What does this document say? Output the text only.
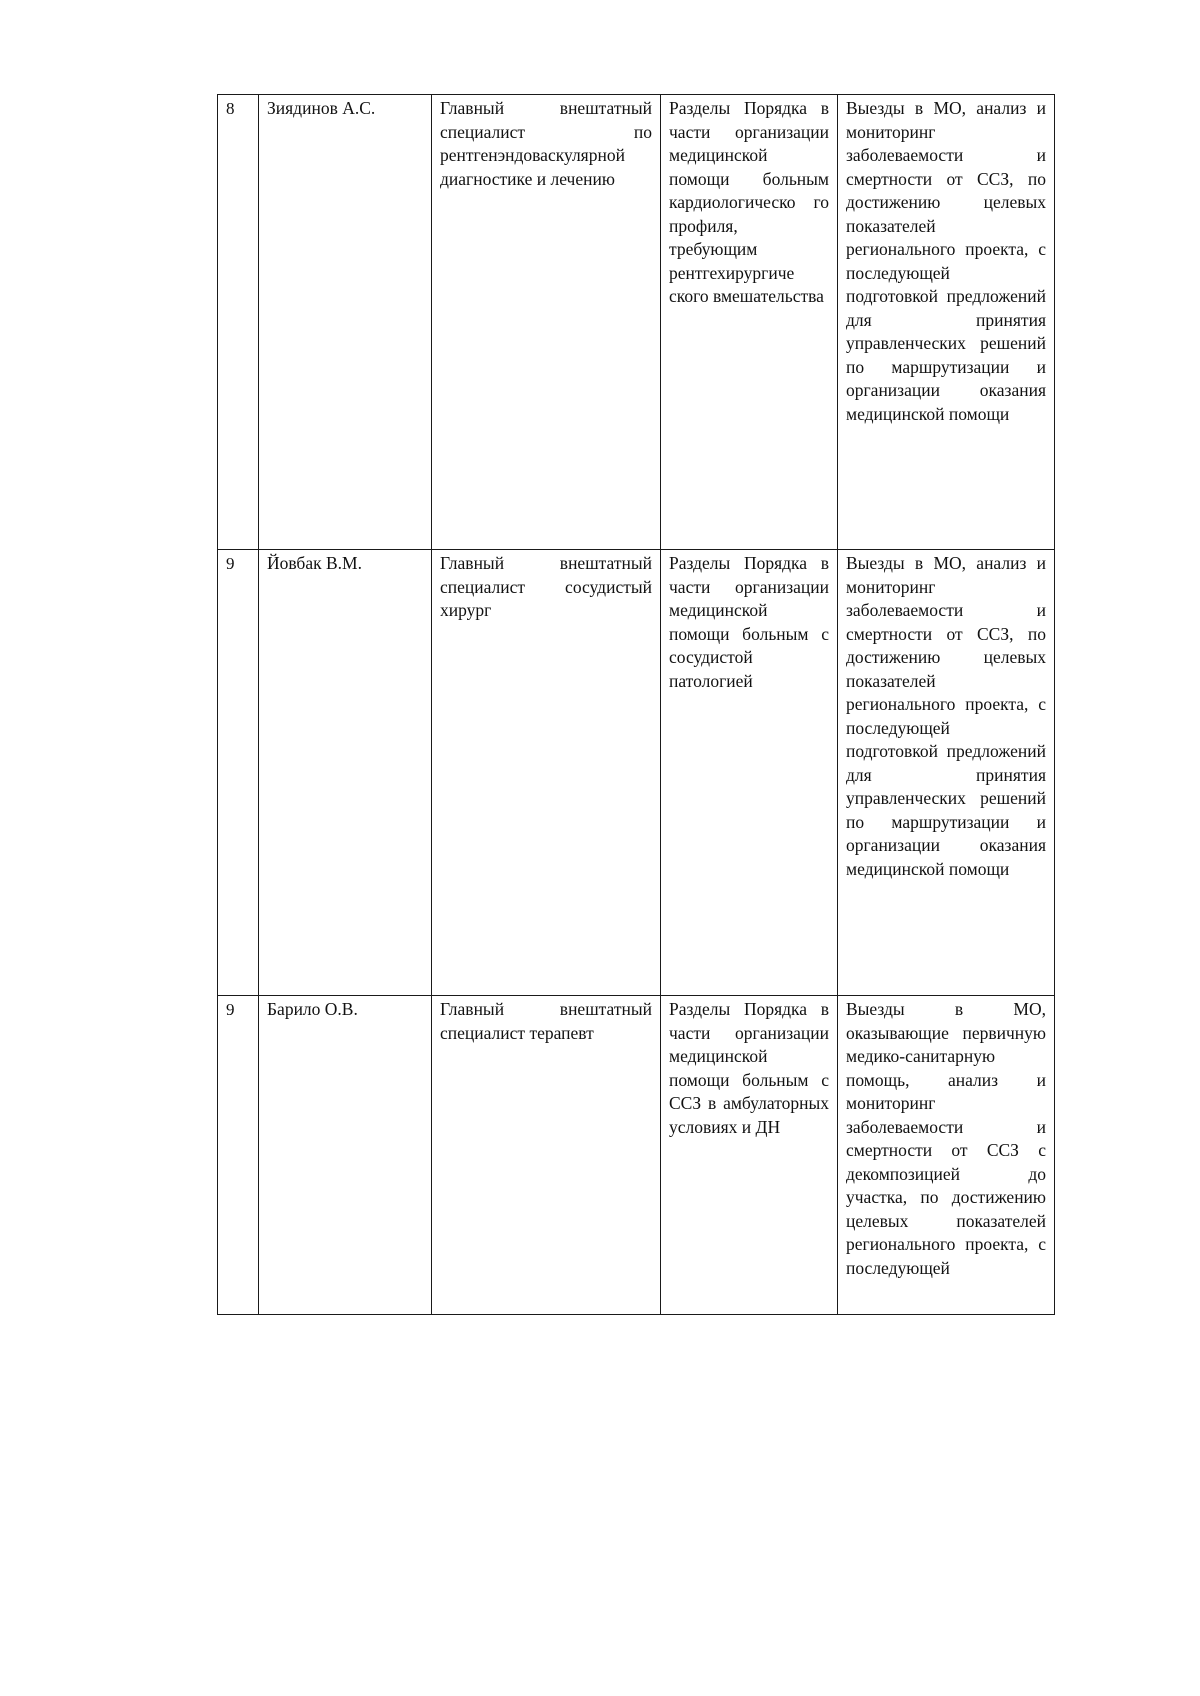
8	Зиядинов А.С.	Главный внештатный специалист по рентгенэндоваскулярной диагностике и лечению	Разделы Порядка в части организации медицинской помощи больным кардиологическо го профиля, требующим рентгехирургиче ского вмешательства	Выезды в МО, анализ и мониторинг заболеваемости и смертности от ССЗ, по достижению целевых показателей регионального проекта, с последующей подготовкой предложений для принятия управленческих решений по маршрутизации и организации оказания медицинской помощи

9	Йовбак В.М.	Главный внештатный специалист сосудистый хирург	Разделы Порядка в части организации медицинской помощи больным с сосудистой патологией	Выезды в МО, анализ и мониторинг заболеваемости и смертности от ССЗ, по достижению целевых показателей регионального проекта, с последующей подготовкой предложений для принятия управленческих решений по маршрутизации и организации оказания медицинской помощи

9	Барило О.В.	Главный внештатный специалист терапевт	Разделы Порядка в части организации медицинской помощи больным с ССЗ в амбулаторных условиях и ДН	Выезды в МО, оказывающие первичную медико-санитарную помощь, анализ и мониторинг заболеваемости и смертности от ССЗ с декомпозицией до участка, по достижению целевых показателей регионального проекта, с последующей
